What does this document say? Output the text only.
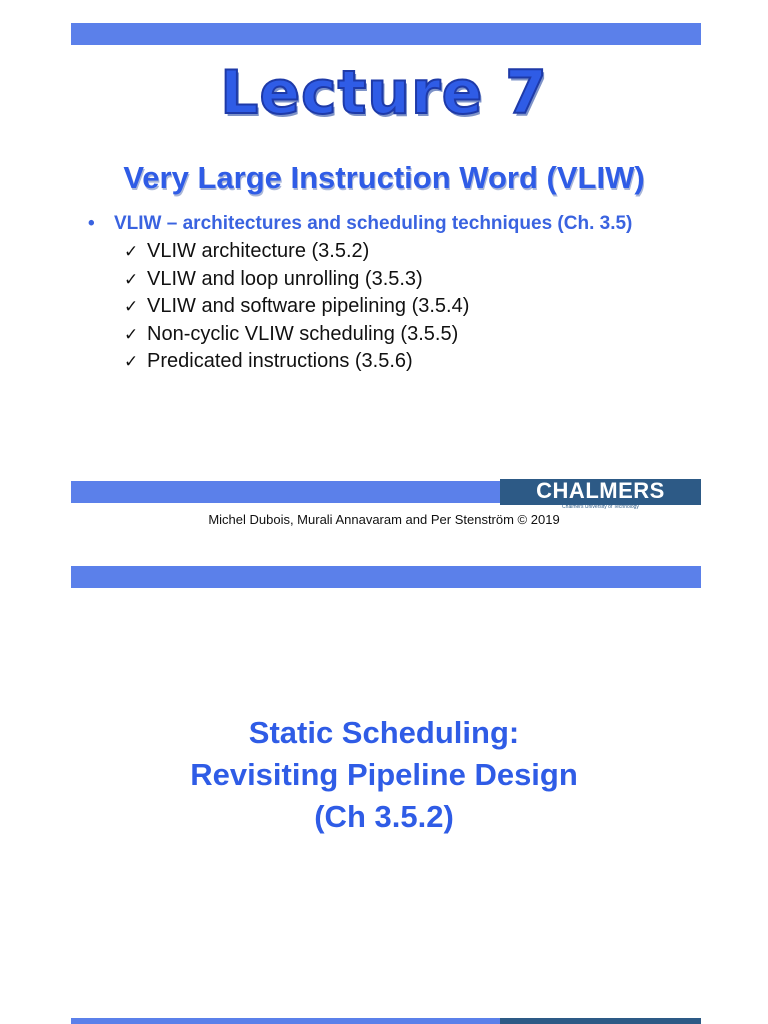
Lecture 7
Very Large Instruction Word (VLIW)
• VLIW – architectures and scheduling techniques (Ch. 3.5)
✓ VLIW architecture (3.5.2)
✓ VLIW and loop unrolling (3.5.3)
✓ VLIW and software pipelining (3.5.4)
✓ Non-cyclic VLIW scheduling (3.5.5)
✓ Predicated instructions (3.5.6)
CHALMERS
Chalmers University of Technology
Michel Dubois, Murali Annavaram and Per Stenström © 2019
Static Scheduling:
Revisiting Pipeline Design
(Ch 3.5.2)
